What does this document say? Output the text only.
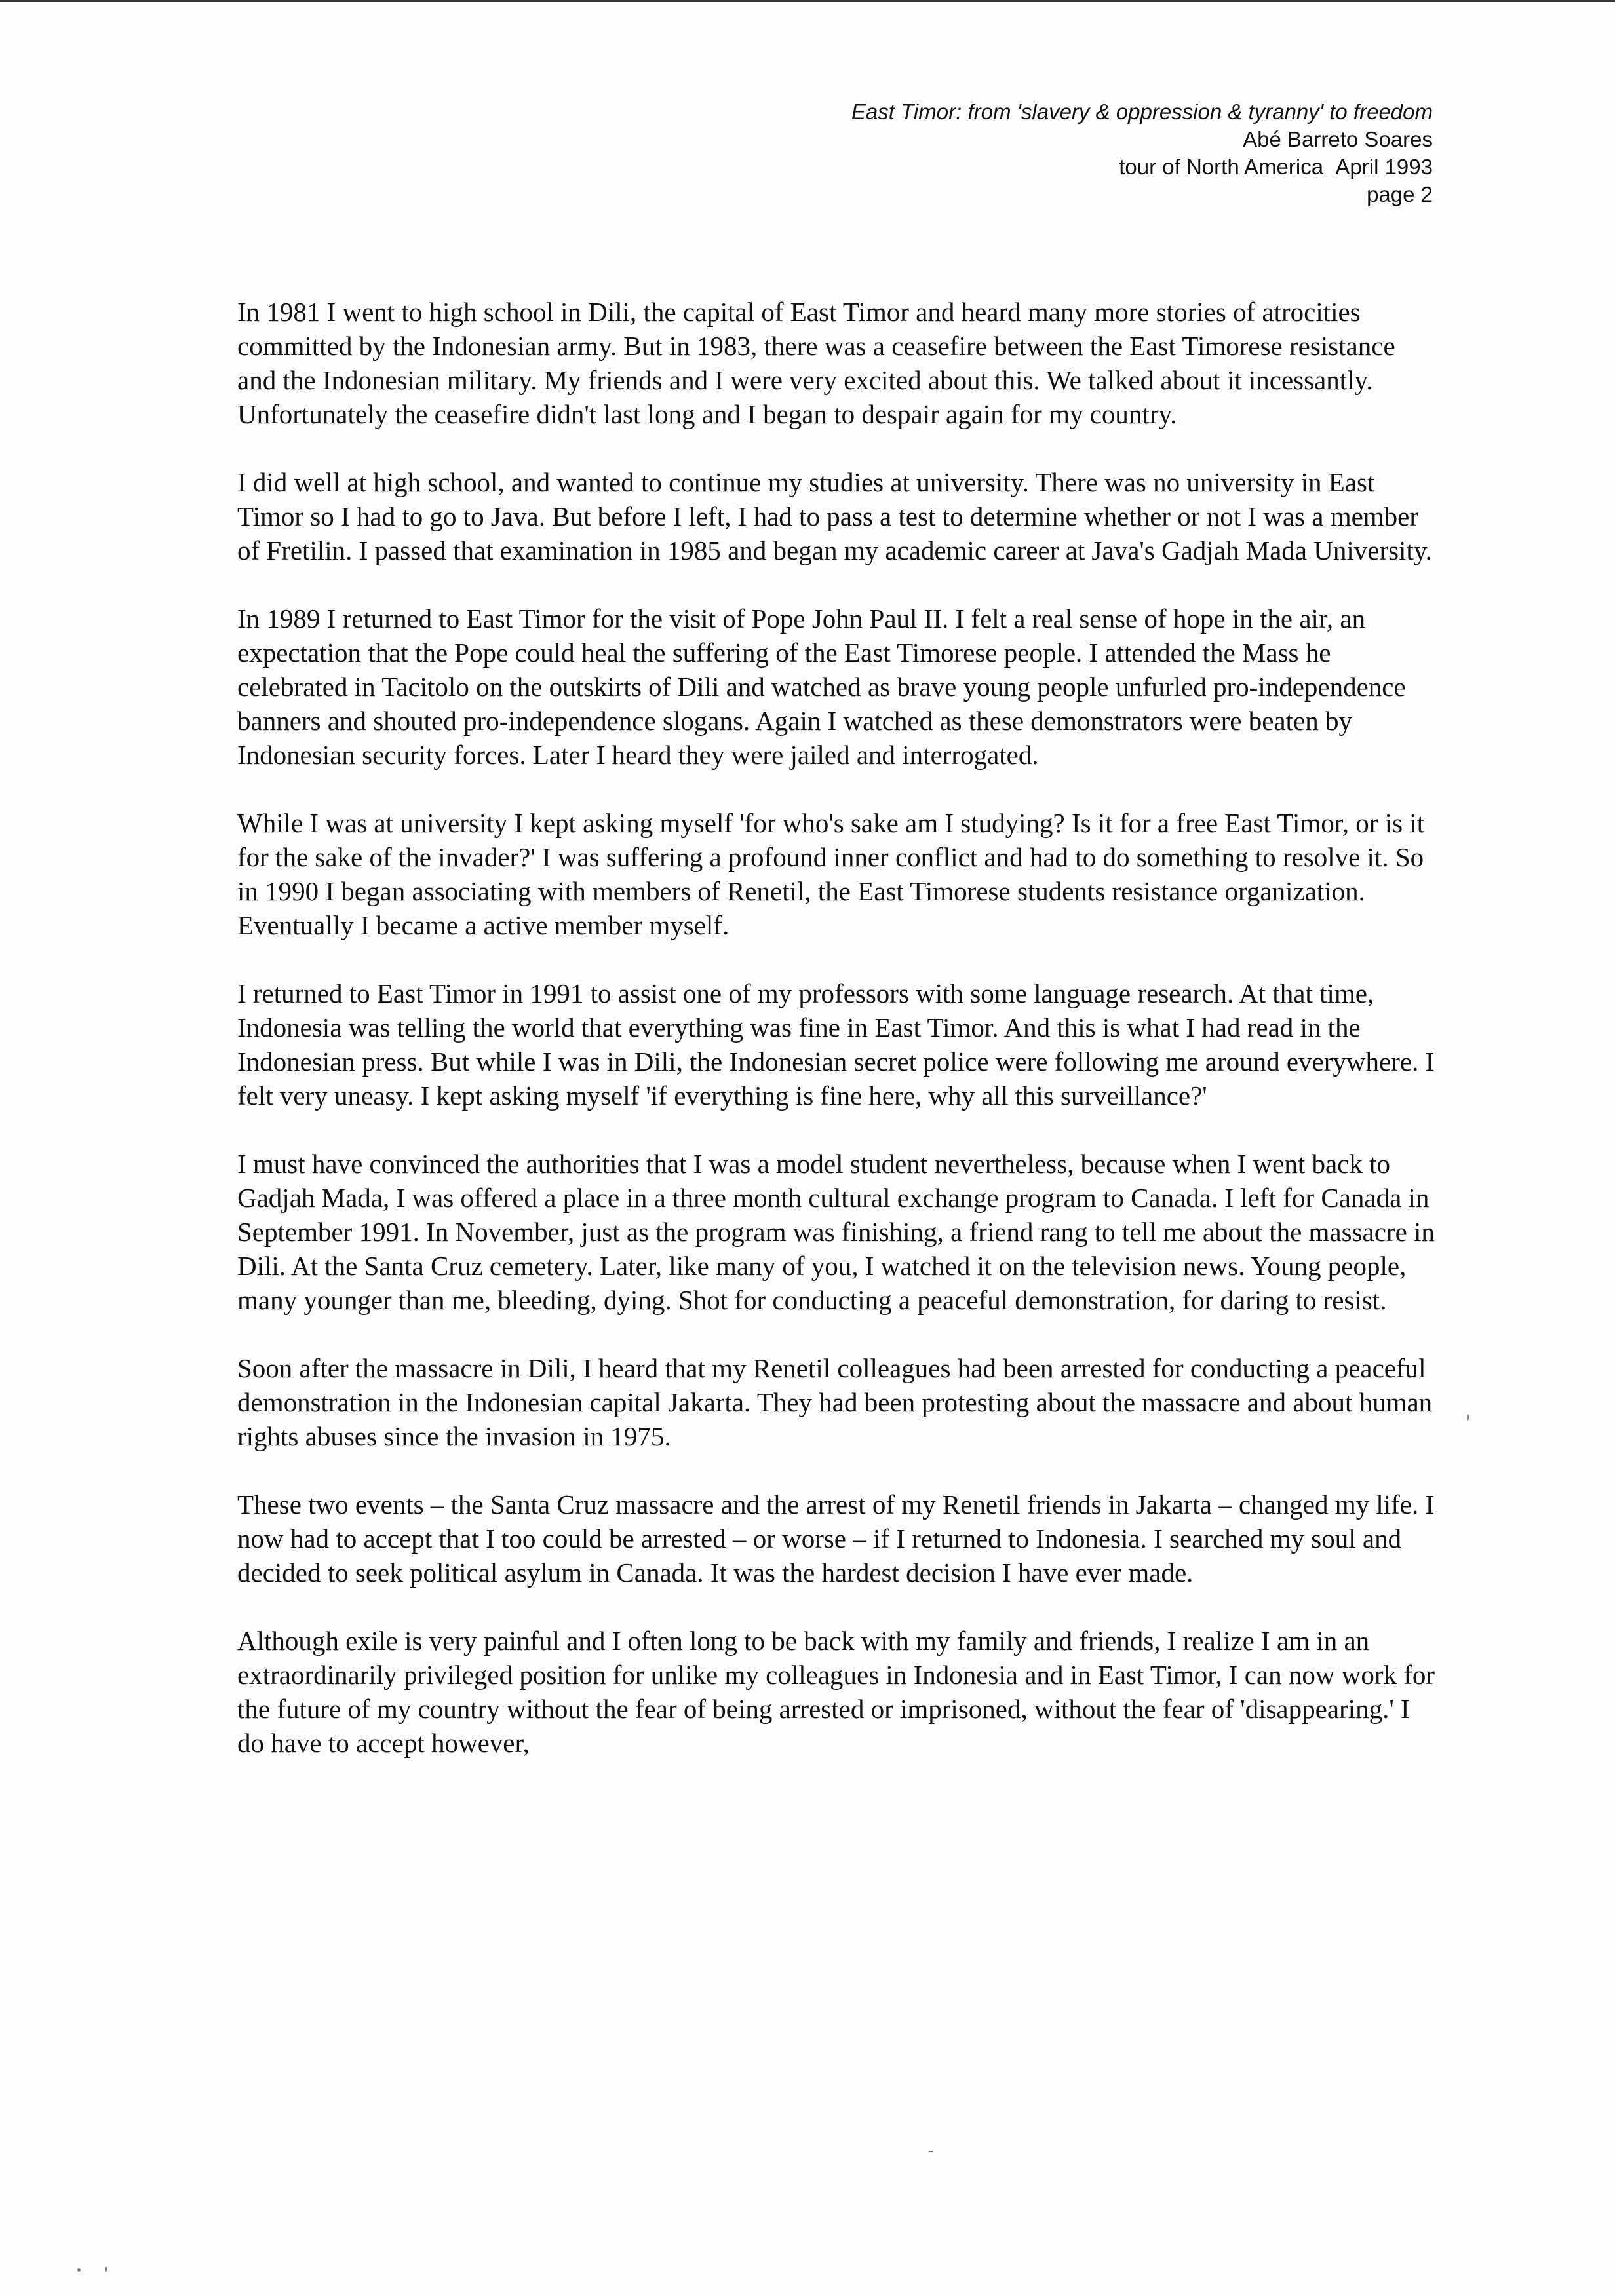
East Timor: from 'slavery & oppression & tyranny' to freedom
Abé Barreto Soares
tour of North America April 1993
page 2

In 1981 I went to high school in Dili, the capital of East Timor and heard many more stories of atrocities committed by the Indonesian army. But in 1983, there was a ceasefire between the East Timorese resistance and the Indonesian military. My friends and I were very excited about this. We talked about it incessantly. Unfortunately the ceasefire didn't last long and I began to despair again for my country.

I did well at high school, and wanted to continue my studies at university. There was no university in East Timor so I had to go to Java. But before I left, I had to pass a test to determine whether or not I was a member of Fretilin. I passed that examination in 1985 and began my academic career at Java's Gadjah Mada University.

In 1989 I returned to East Timor for the visit of Pope John Paul II. I felt a real sense of hope in the air, an expectation that the Pope could heal the suffering of the East Timorese people. I attended the Mass he celebrated in Tacitolo on the outskirts of Dili and watched as brave young people unfurled pro-independence banners and shouted pro-independence slogans. Again I watched as these demonstrators were beaten by Indonesian security forces. Later I heard they were jailed and interrogated.

While I was at university I kept asking myself 'for who's sake am I studying? Is it for a free East Timor, or is it for the sake of the invader?' I was suffering a profound inner conflict and had to do something to resolve it. So in 1990 I began associating with members of Renetil, the East Timorese students resistance organization. Eventually I became a active member myself.

I returned to East Timor in 1991 to assist one of my professors with some language research. At that time, Indonesia was telling the world that everything was fine in East Timor. And this is what I had read in the Indonesian press. But while I was in Dili, the Indonesian secret police were following me around everywhere. I felt very uneasy. I kept asking myself 'if everything is fine here, why all this surveillance?'

I must have convinced the authorities that I was a model student nevertheless, because when I went back to Gadjah Mada, I was offered a place in a three month cultural exchange program to Canada. I left for Canada in September 1991. In November, just as the program was finishing, a friend rang to tell me about the massacre in Dili. At the Santa Cruz cemetery. Later, like many of you, I watched it on the television news. Young people, many younger than me, bleeding, dying. Shot for conducting a peaceful demonstration, for daring to resist.

Soon after the massacre in Dili, I heard that my Renetil colleagues had been arrested for conducting a peaceful demonstration in the Indonesian capital Jakarta. They had been protesting about the massacre and about human rights abuses since the invasion in 1975.

These two events – the Santa Cruz massacre and the arrest of my Renetil friends in Jakarta – changed my life. I now had to accept that I too could be arrested – or worse – if I returned to Indonesia. I searched my soul and decided to seek political asylum in Canada. It was the hardest decision I have ever made.

Although exile is very painful and I often long to be back with my family and friends, I realize I am in an extraordinarily privileged position for unlike my colleagues in Indonesia and in East Timor, I can now work for the future of my country without the fear of being arrested or imprisoned, without the fear of 'disappearing.' I do have to accept however,
